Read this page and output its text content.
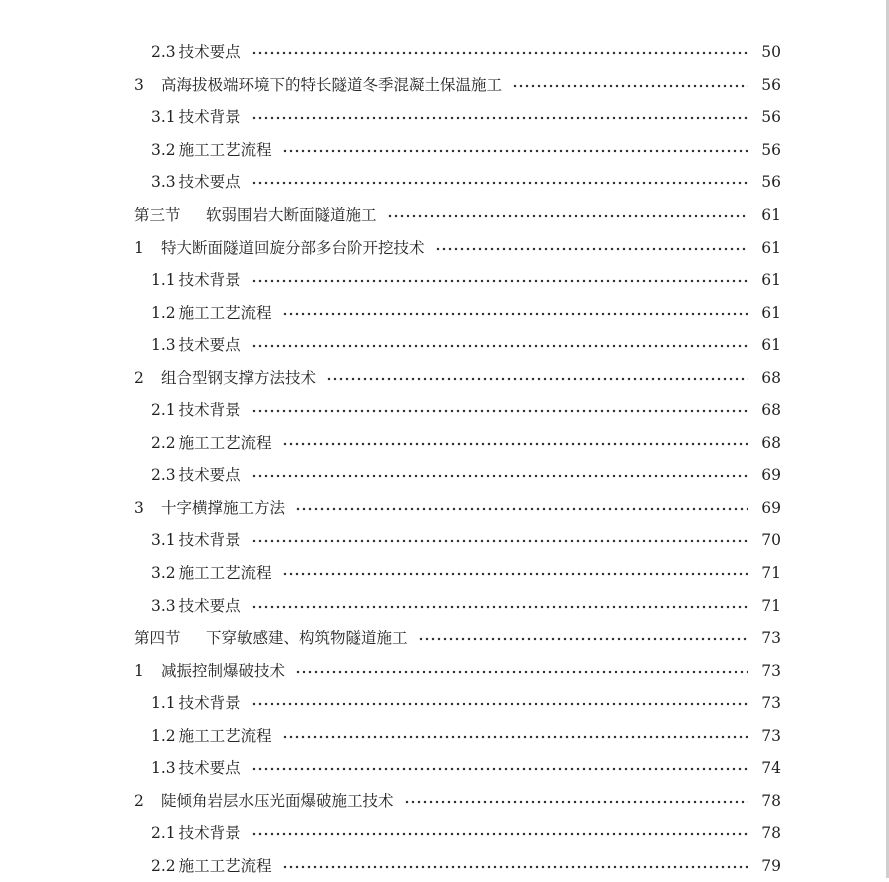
2.3 技术要点	50
3	高海拔极端环境下的特长隧道冬季混凝土保温施工	56
3.1 技术背景	56
3.2 施工工艺流程	56
3.3 技术要点	56
第三节	软弱围岩大断面隧道施工	61
1	特大断面隧道回旋分部多台阶开挖技术	61
1.1 技术背景	61
1.2 施工工艺流程	61
1.3 技术要点	61
2	组合型钢支撑方法技术	68
2.1 技术背景	68
2.2 施工工艺流程	68
2.3 技术要点	69
3	十字横撑施工方法	69
3.1 技术背景	70
3.2 施工工艺流程	71
3.3 技术要点	71
第四节	下穿敏感建、构筑物隧道施工	73
1	减振控制爆破技术	73
1.1 技术背景	73
1.2 施工工艺流程	73
1.3 技术要点	74
2	陡倾角岩层水压光面爆破施工技术	78
2.1 技术背景	78
2.2 施工工艺流程	79
